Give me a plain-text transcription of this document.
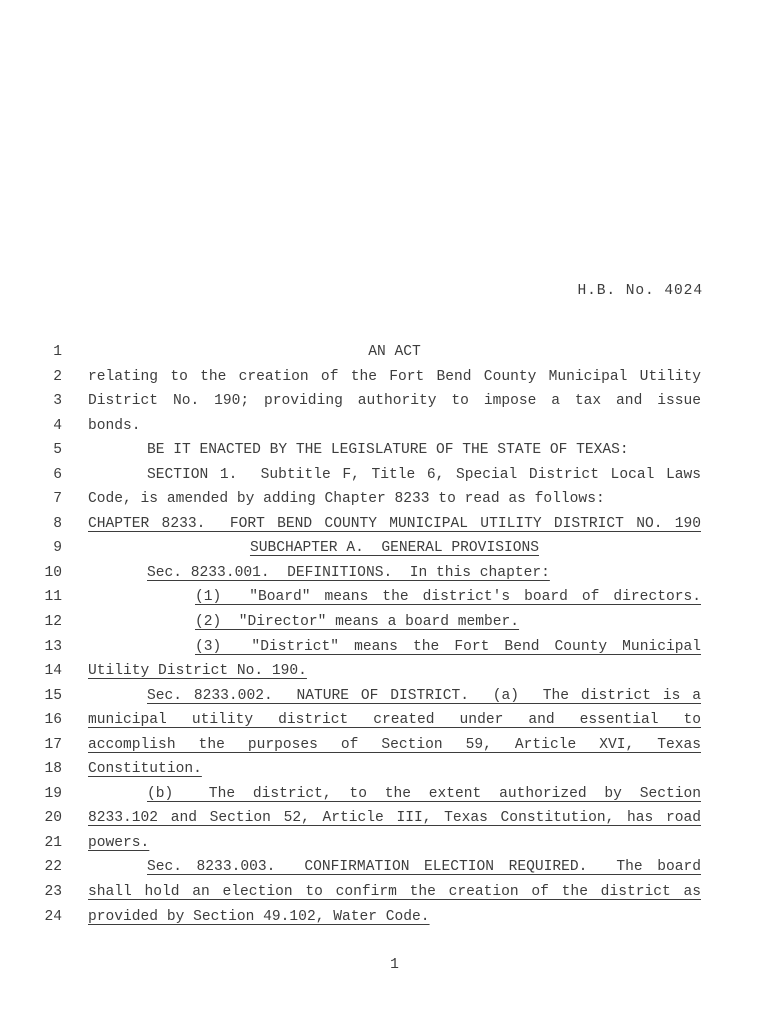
H.B. No. 4024
1	AN ACT
2 relating to the creation of the Fort Bend County Municipal Utility
3 District No. 190; providing authority to impose a tax and issue
4 bonds.
5	BE IT ENACTED BY THE LEGISLATURE OF THE STATE OF TEXAS:
6	SECTION 1.  Subtitle F, Title 6, Special District Local Laws
7 Code, is amended by adding Chapter 8233 to read as follows:
8 CHAPTER 8233.  FORT BEND COUNTY MUNICIPAL UTILITY DISTRICT NO. 190
9	SUBCHAPTER A.  GENERAL PROVISIONS
10	Sec. 8233.001.  DEFINITIONS.  In this chapter:
11	(1)  "Board" means the district's board of directors.
12	(2)  "Director" means a board member.
13	(3)  "District" means the Fort Bend County Municipal
14 Utility District No. 190.
15	Sec. 8233.002.  NATURE OF DISTRICT.  (a)  The district is a
16 municipal utility district created under and essential to
17 accomplish the purposes of Section 59, Article XVI, Texas
18 Constitution.
19	(b)  The district, to the extent authorized by Section
20 8233.102 and Section 52, Article III, Texas Constitution, has road
21 powers.
22	Sec. 8233.003.  CONFIRMATION ELECTION REQUIRED.  The board
23 shall hold an election to confirm the creation of the district as
24 provided by Section 49.102, Water Code.
1
